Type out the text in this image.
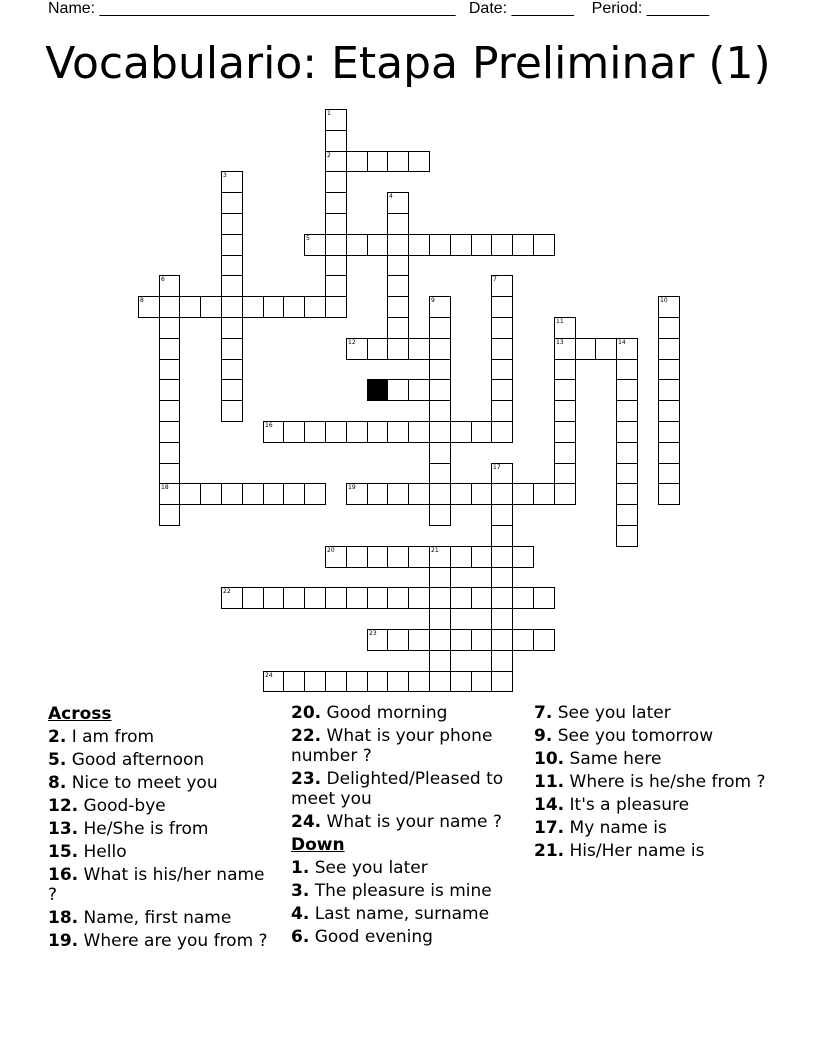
Name: ________________________________________ Date: _______ Period: _______
Vocabulario: Etapa Preliminar (1)
1
2
3
4
5
6
18
7
8	9	10
11
13
12	14
15
16
17
19
20	21
22
23
24
Across
2. I am from
5. Good afternoon
8. Nice to meet you
12. Good-bye
13. He/She is from
15. Hello
16. What is his/her name ?
18. Name, first name
19. Where are you from ?
20. Good morning
22. What is your phone number ?
23. Delighted/Pleased to meet you
24. What is your name ?
Down
1. See you later
3. The pleasure is mine
4. Last name, surname
6. Good evening
7. See you later
9. See you tomorrow
10. Same here
11. Where is he/she from ?
14. It's a pleasure
17. My name is
21. His/Her name is
